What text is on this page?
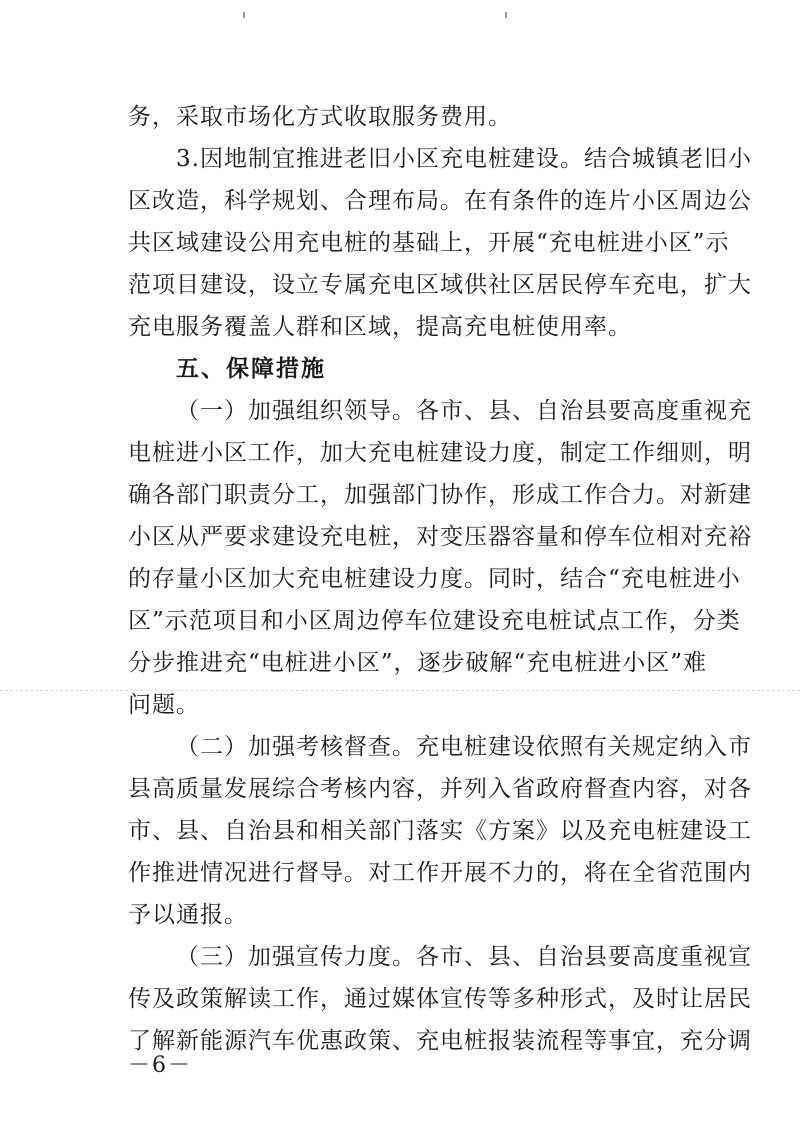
务，采取市场化方式收取服务费用。
3.因地制宜推进老旧小区充电桩建设。结合城镇老旧小
区改造，科学规划、合理布局。在有条件的连片小区周边公
共区域建设公用充电桩的基础上，开展“充电桩进小区”示
范项目建设，设立专属充电区域供社区居民停车充电，扩大
充电服务覆盖人群和区域，提高充电桩使用率。
五、保障措施
（一）加强组织领导。各市、县、自治县要高度重视充
电桩进小区工作，加大充电桩建设力度，制定工作细则，明
确各部门职责分工，加强部门协作，形成工作合力。对新建
小区从严要求建设充电桩，对变压器容量和停车位相对充裕
的存量小区加大充电桩建设力度。同时，结合“充电桩进小
区”示范项目和小区周边停车位建设充电桩试点工作，分类
分步推进充“电桩进小区”，逐步破解“充电桩进小区”难
问题。
（二）加强考核督查。充电桩建设依照有关规定纳入市
县高质量发展综合考核内容，并列入省政府督查内容，对各
市、县、自治县和相关部门落实《方案》以及充电桩建设工
作推进情况进行督导。对工作开展不力的，将在全省范围内
予以通报。
（三）加强宣传力度。各市、县、自治县要高度重视宣
传及政策解读工作，通过媒体宣传等多种形式，及时让居民
了解新能源汽车优惠政策、充电桩报装流程等事宜，充分调
－6－
